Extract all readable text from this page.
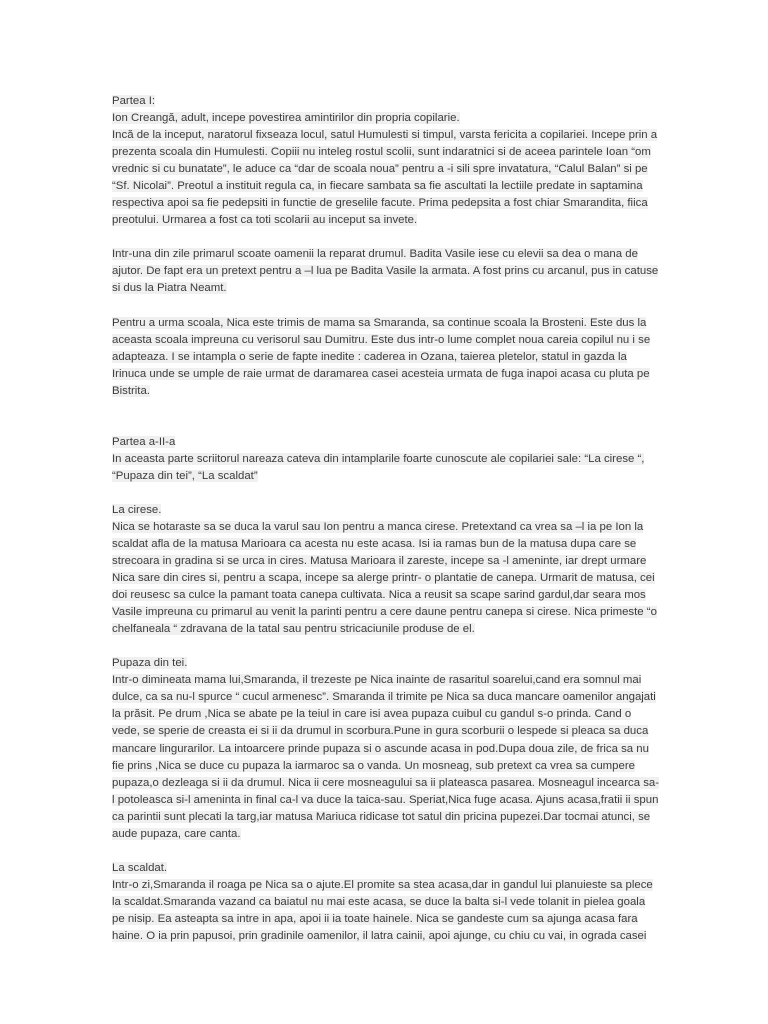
Partea I:
Ion Creangă, adult, incepe povestirea amintirilor din propria copilarie.
Incă de la inceput, naratorul fixseaza locul, satul Humulesti si timpul, varsta fericita a copilariei. Incepe prin a
prezenta scoala din Humulesti. Copiii nu inteleg rostul scolii, sunt indaratnici si de aceea parintele Ioan “om
vrednic si cu bunatate”, le aduce ca “dar de scoala noua” pentru a -i sili spre invatatura, “Calul Balan” si pe
“Sf. Nicolai”. Preotul a instituit regula ca, in fiecare sambata sa fie ascultati la lectiile predate in saptamina
respectiva apoi sa fie pedepsiti in functie de greselile facute. Prima pedepsita a fost chiar Smarandita, fiica
preotului. Urmarea a fost ca toti scolarii au inceput sa invete.
Intr-una din zile primarul scoate oamenii la reparat drumul. Badita Vasile iese cu elevii sa dea o mana de
ajutor. De fapt era un pretext pentru a –l lua pe Badita Vasile la armata. A fost prins cu arcanul, pus in catuse
si dus la Piatra Neamt.
Pentru a urma scoala, Nica este trimis de mama sa Smaranda, sa continue scoala la Brosteni. Este dus la
aceasta scoala impreuna cu verisorul sau Dumitru. Este dus intr-o lume complet noua careia copilul nu i se
adapteaza. I se intampla o serie de fapte inedite : caderea in Ozana, taierea pletelor, statul in gazda la
Irinuca unde se umple de raie urmat de daramarea casei acesteia urmata de fuga inapoi acasa cu pluta pe
Bistrita.
Partea a-II-a
In aceasta parte scriitorul nareaza cateva din intamplarile foarte cunoscute ale copilariei sale: “La cirese “,
“Pupaza din tei”, “La scaldat”
La cirese.
Nica se hotaraste sa se duca la varul sau Ion pentru a manca cirese. Pretextand ca vrea sa –l ia pe Ion la
scaldat afla de la matusa Marioara ca acesta nu este acasa. Isi ia ramas bun de la matusa dupa care se
strecoara in gradina si se urca in cires. Matusa Marioara il zareste, incepe sa -l ameninte, iar drept urmare
Nica sare din cires si, pentru a scapa, incepe sa alerge printr- o plantatie de canepa. Urmarit de matusa, cei
doi reusesc sa culce la pamant toata canepa cultivata. Nica a reusit sa scape sarind gardul,dar seara mos
Vasile impreuna cu primarul au venit la parinti pentru a cere daune pentru canepa si cirese. Nica primeste “o
chelfaneala “ zdravana de la tatal sau pentru stricaciunile produse de el.
Pupaza din tei.
Intr-o dimineata mama lui,Smaranda, il trezeste pe Nica inainte de rasaritul soarelui,cand era somnul mai
dulce, ca sa nu-l spurce “ cucul armenesc”. Smaranda il trimite pe Nica sa duca mancare oamenilor angajati
la prăsit. Pe drum ,Nica se abate pe la teiul in care isi avea pupaza cuibul cu gandul s-o prinda. Cand o
vede, se sperie de creasta ei si ii da drumul in scorbura.Pune in gura scorburii o lespede si pleaca sa duca
mancare lingurarilor. La intoarcere prinde pupaza si o ascunde acasa in pod.Dupa doua zile, de frica sa nu
fie prins ,Nica se duce cu pupaza la iarmaroc sa o vanda. Un mosneag, sub pretext ca vrea sa cumpere
pupaza,o dezleaga si ii da drumul. Nica ii cere mosneagului sa ii plateasca pasarea. Mosneagul incearca sa-
l potoleasca si-l ameninta in final ca-l va duce la taica-sau. Speriat,Nica fuge acasa. Ajuns acasa,fratii ii spun
ca parintii sunt plecati la targ,iar matusa Mariuca ridicase tot satul din pricina pupezei.Dar tocmai atunci, se
aude pupaza, care canta.
La scaldat.
Intr-o zi,Smaranda il roaga pe Nica sa o ajute.El promite sa stea acasa,dar in gandul lui planuieste sa plece
la scaldat.Smaranda vazand ca baiatul nu mai este acasa, se duce la balta si-l vede tolanit in pielea goala
pe nisip. Ea asteapta sa intre in apa, apoi ii ia toate hainele. Nica se gandeste cum sa ajunga acasa fara
haine. O ia prin papusoi, prin gradinile oamenilor, il latra cainii, apoi ajunge, cu chiu cu vai, in ograda casei
